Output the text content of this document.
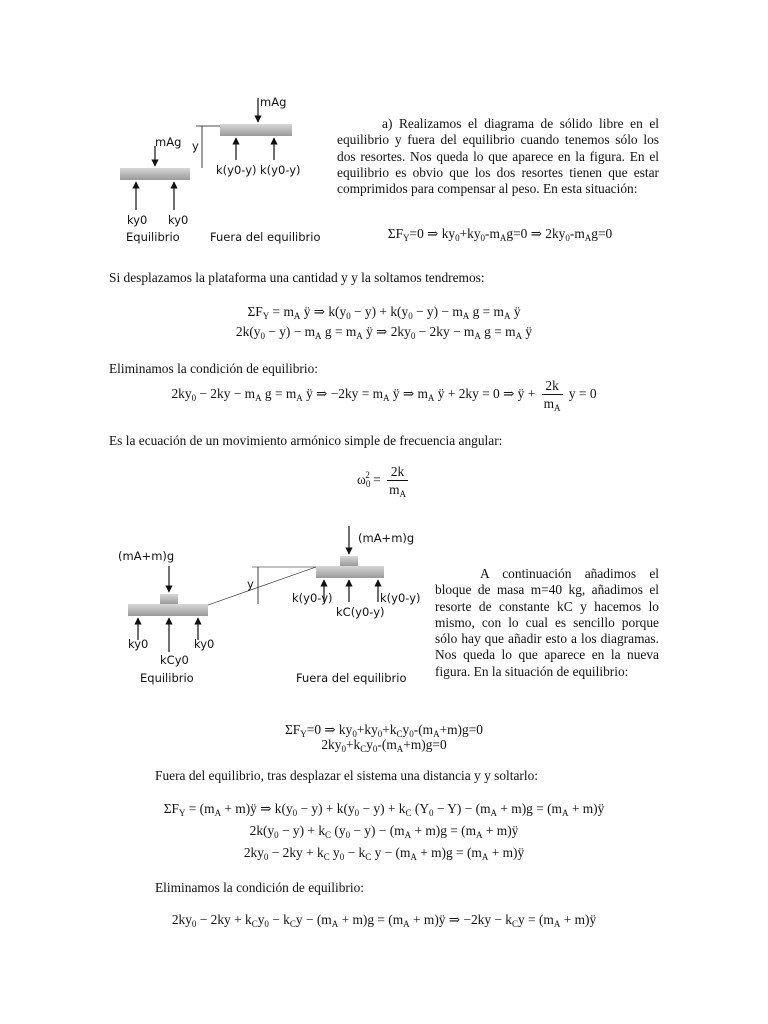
mAg
ky0 ky0
Equilibrio
mAg
k(y0-y) k(y0-y)
Fuera del equilibrio
y
a) Realizamos el diagrama de sólido libre en el equilibrio y fuera del equilibrio cuando tenemos sólo los dos resortes. Nos queda lo que aparece en la figura. En el equilibrio es obvio que los dos resortes tienen que estar comprimidos para compensar al peso. En esta situación:
$\Sigma F_Y=0$ ⇒ $ky_0+ky_0-m_Ag=0$ ⇒ $2ky_0-m_Ag=0$
Si desplazamos la plataforma una cantidad y y la soltamos tendremos:
$\Sigma F_Y = m_A$ ÿ ⇒ $k(y_0 - y) + k(y_0 - y) - m_A$ $g = m_A$ ÿ
$2k(y_0 - y) - m_A$ $g = m_A$ ÿ ⇒ $2ky_0 - 2ky - m_A$ $g = m_A$ ÿ
Eliminamos la condición de equilibrio:
$2ky_0 - 2ky - m_A$ $g = m_A$ ÿ ⇒ $-2ky = m_A$ ÿ ⇒ $m_A$ ÿ + 2ky = 0 ⇒ ÿ + $\frac{2k}{m_A}$ y = 0
Es la ecuación de un movimiento armónico simple de frecuencia angular:
$\omega_0^2 = \frac{2k}{m_A}$
(mA+m)g
ky0
kCy0
ky0
Equilibrio
(mA+m)g
k(y0-y)
kC(y0-y)
k(y0-y)
Fuera del equilibrio
y
A continuación añadimos el bloque de masa m=40 kg, añadimos el resorte de constante kC y hacemos lo mismo, con lo cual es sencillo porque sólo hay que añadir esto a los diagramas. Nos queda lo que aparece en la nueva figura. En la situación de equilibrio:
$\Sigma F_Y=0$ ⇒ $ky_0+ky_0+k_Cy_0-(m_A+m)g=0$
$2ky_0+k_Cy_0-(m_A+m)g=0$
Fuera del equilibrio, tras desplazar el sistema una distancia y y soltarlo:
$\Sigma F_Y = (m_A$ + m)ÿ ⇒ $k(y_0 - y) + k(y_0 - y) + k_C$ $(Y_0 - Y) - (m_A + m)g = (m_A$ + m)ÿ
$2k(y_0 - y) + k_C$ $(y_0 - y) - (m_A + m)g = (m_A$ + m)ÿ
$2ky_0 - 2ky + k_C$ $y_0 - k_C$ $y - (m_A + m)g = (m_A$ + m)ÿ
Eliminamos la condición de equilibrio:
$2ky_0 - 2ky + k_Cy_0 - k_Cy - (m_A + m)g = (m_A$ + m)ÿ ⇒ $-2ky - k_Cy = (m_A$ + m)ÿ
